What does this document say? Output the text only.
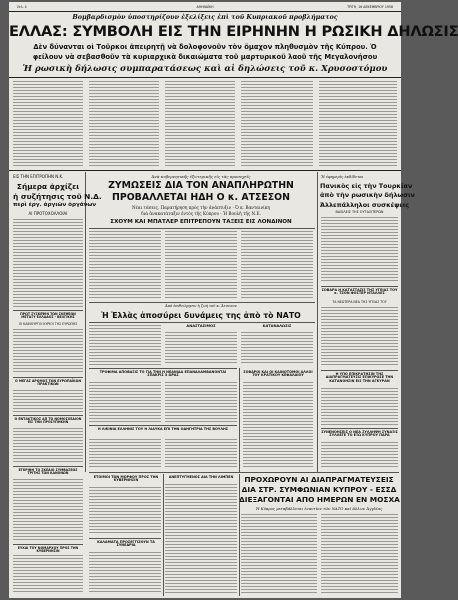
Σελ. 4	ΑΘΗΝΑΪΚΗ	ΤΡΙΤΗ, 16 ΔΕΚΕΜΒΡΙΟΥ 1958
Βομβαρδισμὸν ὑποστηρίζουν ἐξελίξεις ἐπὶ τοῦ Κυπριακοῦ προβλήματος
ΕΛΛΑΣ: ΣΥΜΒΟΛΗ ΕΙΣ ΤΗΝ ΕΙΡΗΝΗΝ Η ΡΩΣΙΚΗ ΔΗΛΩΣΙΣ
Δὲν δύνανται οἱ Τοῦρκοι ἀπειρητῇ νὰ δολοφονοῦν τὸν ὅμαχον πληθυσμὸν τῆς Κύπρου. Ὁ
φείλουν νὰ σεβασθοῦν τὰ κυριαρχικὰ δικαιώματα τοῦ μαρτυρικοῦ λαοῦ τῆς Μεγαλονήσου
Ἡ ρωσικὴ δήλωσις συμπαρατάσεως καὶ αἱ δηλώσεις τοῦ κ. Χρυσοστόμου
ΕΙΣ ΤΗΝ ΕΠΙΤΡΟΠΗΝ Ν.Κ.
Σήμερα ἀρχίζει
ἡ συζήτησις τοῦ Ν.Δ.
περὶ ἐργ. ἀργιῶν ὀργάνων
ΑΙ ΠΡΟΤΟΧΟΛΛΟΙΑΙ
ΠΡΩΤ ΣΥΣΚΕΨΙΝ ΤΩΝ ΣΚΕΨΕΩΝ ΜΕΤΑΞΥ ΕΛΛΑΔΟΣ - ΒΕΛΓΙΚΗΣ
ΟΙ ΚΑΙΝΟΥΡΓΟΙ ΚΥΡΙΟΙ ΤΗΣ ΕΥΡΩΠΗΣ
Ο ΜΕΓΑΣ ΔΡΟΜΟΣ ΤΩΝ ΕΥΡΩΠΑΪΚΩΝ ΠΡΑΚΤΙΚΩΝ
Ο ΕΝΤΑΚΤΙΚΟΣ ΑΠ ΤΟ ΝΟΜΟΣΧΕΔΙΟΝ ΕΙΣ ΤΗΝ ΠΡΟΣΥΠΗΚΗΝ
ΕΓΚΡΙΘΗ ΤΟ ΣΚΕΔΙΟ ΣΥΜΒΑΣΕΩΣ ΤΡΙΤΗΣ ΤΩΝ ΚΑΝΟΝΩΝ
ΕΥΧΑΙ ΤΟΥ ΝΟΜΑΡΧΟΥ ΠΡΟΣ ΤΗΝ ΚΥΒΕΡΝΗΣΙΝ
Ἀνὰ κυβερνητικῆς ἐξωτερικῆς εἰς τὰς προσεχεῖς
ΖΥΜΩΣΕΙΣ ΔΙΑ ΤΟΝ ΑΝΑΠΛΗΡΩΤΗΝ
ΠΡΟΒΑΛΛΕΤΑΙ ΗΔΗ Ο κ. ΑΤΣΕΣΟΝ
Νέαι τάσεις. Παρατήρηση πρὸς τὴν ἀνάπτυξιν · Ὁ κ. Βανταινίκη
διὰ ἀνακατάταξιν ἐντὸς τῆς Κύπρου · Ἡ Βουλὴ τῆς Ν.Ε.
ΣΧΟΥΜ ΚΑΙ ΜΠΑΤΛΕΡ ΕΠΙΤΡΕΠΟΥΝ ΤΑΞΕΙΣ ΕΙΣ ΛΟΝΔΙΝΟΝ
Ἀπὸ ἐπιθεώρησιν ἡ ζωὴ τοῦ κ. Ἀτσεσον
Ἡ Ἑλλὰς ἀποσύρει δυνάμεις της ἀπὸ τὸ ΝΑΤΟ
ΑΝΑΣΤΑΣΙΜΟΣ	ΚΑΤΑΝΑΛΩΣΙΣ
ΤΡΟΦΙΜΑ ΑΠΟΒΑΣΙΣ ΤΟ ΓΙΑ ΤΗΝ Η ΝΕΑΝΙΔΑ ΕΠΑΝΑΛΑΜΒΑΝΟΝΤΑΙ ΣΠΑΚΡΙΣ 3 ΩΡΑΣ
Η ΛΙΚΙΝΙΑ ΕΛΛΗΝΙΣ ΤΟΥ Η ΛΙΑΥΚΑ ΕΠΙ ΤΗΝ ΟΔΗΓΗΤΡΙΑ ΤΗΣ ΒΟΥΛΗΣ
ΣΟΒΑΡΟΙ ΚΑΙ ΟΙ ΚΑΙΝΟΤΟΜΟΙ ΑΛΛΟΙ ΤΟΥ ΚΡΑΤΙΚΟΥ ΚΕΦΑΛΑΙΟΥ
Ἡ ἐφημερὶς ἐκδίδεται
Πανικὸς εἰς τὴν Τουρκίαν
ἀπὸ τὴν ρωσικὴν δήλωσιν
Ἀλλεπάλληλοι συσκέψεις
ΒΑΣΙΛΕΙΣ ΤΗΣ ΟΥΤΑΣΙΤΕΡΩΝ
ΣΟΒΑΡΑ Η ΚΑΤΑΣΤΑΣΙΣ ΤΗΣ ΥΓΕΙΑΣ ΤΟΥ κ. ΤΖΟΝ ΦΟΣΤΕΡ ΝΤΑΛΛΕΣ
ΤΑ ΝΕΩΤΕΡΑ ΝΕΑ ΤΗΣ ΥΓΕΙΑΣ ΤΟΥ
Η ΥΠΟ ΕΠΙΚΡΑΤΗΣΙΝ ΤΗΣ ΔΙΑΠΡΑΓΜΑΤΕΥΣΙΣ ΕΠΙΚΥΡΩΣΕ ΤΗΝ ΚΑΤΑΝΟΗΣΙΝ ΕΙΣ ΤΗΝ ΑΓΚΥΡΑΝ
ΣΥΝΕΝΟΗΣΕΙΣ Ο ΝΕΑ ΣΥΛΛΗΨΗ ΣΥΝΑΞΙΣ ΣΥΛΛΕΓΕ ΤΟ ΕΞΩ ΚΥΠΡΟΥ ΠΑΡΑ
ΠΡΟΧΩΡΟΥΝ ΑΙ ΔΙΑΠΡΑΓΜΑΤΕΥΣΕΙΣ
ΔΙΑ ΣΤΡ. ΣΥΜΦΩΝΙΑΝ ΚΥΠΡΟΥ - ΕΣΣΔ
ΔΙΕΞΑΓΟΝΤΑΙ ΑΠΟ ΗΜΕΡΩΝ ΕΝ ΜΟΣΧΑ
Ἡ Κύπρος μεταβάλλεται ἐναντίον τῶν ΝΑΤΟ καὶ ἄλλων Ἀγγλίας
ΕΤΟΙΜΟΙ ΤΩΝ ΜΟΡΦΟΥ ΠΡΟΣ ΤΗΝ ΚΥΒΕΡΝΗΣΙΝ
ΚΑΛΑΜΑΤΑ ΠΡΟΣΕΓΓΙΖΟΥΝ ΤΑ ΣΥΝΕΔΡΙΑ
ΑΝΕΠΤΥΓΜΕΝΟΣ ΔΙΑ ΤΗΝ ΛΙΜΠΕΝ
